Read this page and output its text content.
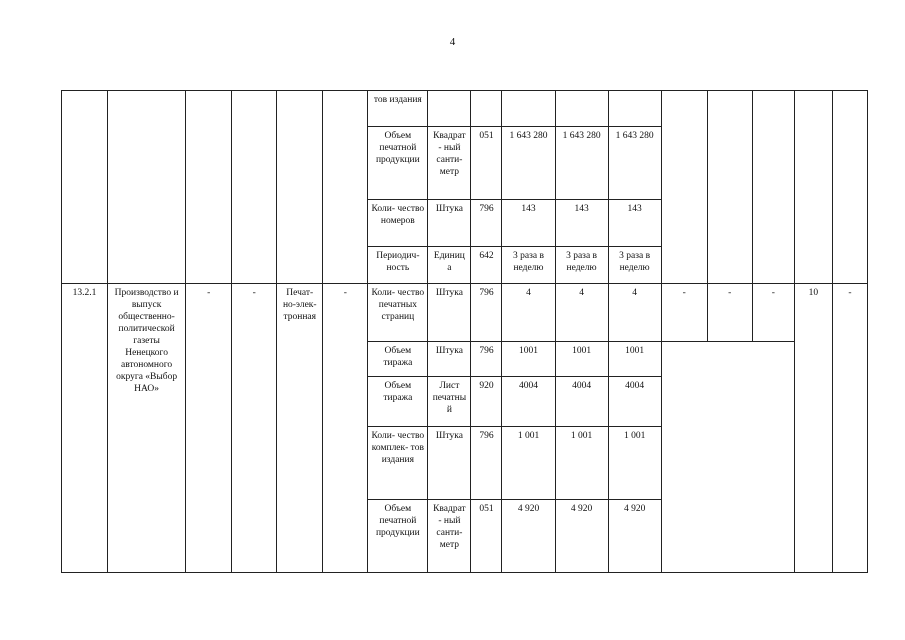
4
						тов издания										
						Объем печатной продукции	Квадрат - ный санти- метр	051	1 643 280	1 643 280	1 643 280					
						Коли- чество номеров	Штука	796	143	143	143					
						Периодич- ность	Единиц а	642	3 раза в неделю	3 раза в неделю	3 раза в неделю					
13.2.1	Производство и выпуск общественно-политической газеты Ненецкого автономного округа «Выбор НАО»	-	-	Печат- но-элек- тронная	-	Коли- чество печатных страниц	Штука	796	4	4	4	-	-	-	10	-
						Объем тиража	Штука	796	1001	1001	1001					
						Объем тиража	Лист печатны й	920	4004	4004	4004					
						Коли- чество комплек- тов издания	Штука	796	1 001	1 001	1 001					
						Объем печатной продукции	Квадрат - ный санти- метр	051	4 920	4 920	4 920					
